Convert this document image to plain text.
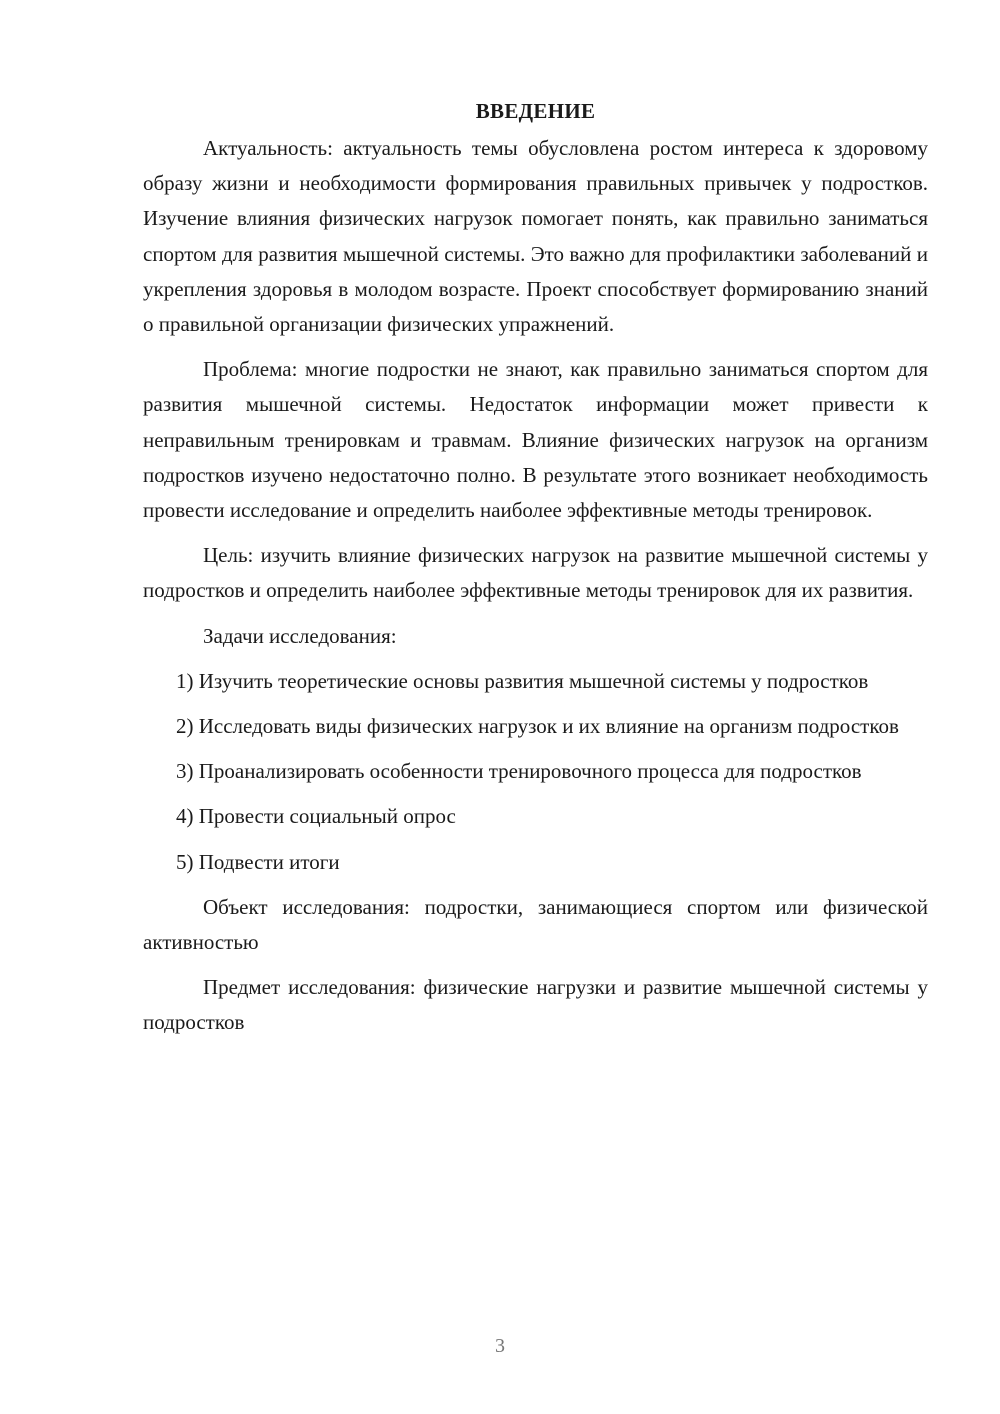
ВВЕДЕНИЕ

Актуальность: актуальность темы обусловлена ростом интереса к здоровому образу жизни и необходимости формирования правильных привычек у подростков. Изучение влияния физических нагрузок помогает понять, как правильно заниматься спортом для развития мышечной системы. Это важно для профилактики заболеваний и укрепления здоровья в молодом возрасте. Проект способствует формированию знаний о правильной организации физических упражнений.

Проблема: многие подростки не знают, как правильно заниматься спортом для развития мышечной системы. Недостаток информации может привести к неправильным тренировкам и травмам. Влияние физических нагрузок на организм подростков изучено недостаточно полно. В результате этого возникает необходимость провести исследование и определить наиболее эффективные методы тренировок.

Цель: изучить влияние физических нагрузок на развитие мышечной системы у подростков и определить наиболее эффективные методы тренировок для их развития.

Задачи исследования:

1) Изучить теоретические основы развития мышечной системы у подростков

2) Исследовать виды физических нагрузок и их влияние на организм подростков

3) Проанализировать особенности тренировочного процесса для подростков

4) Провести социальный опрос

5) Подвести итоги

Объект исследования: подростки, занимающиеся спортом или физической активностью

Предмет исследования: физические нагрузки и развитие мышечной системы у подростков

3
